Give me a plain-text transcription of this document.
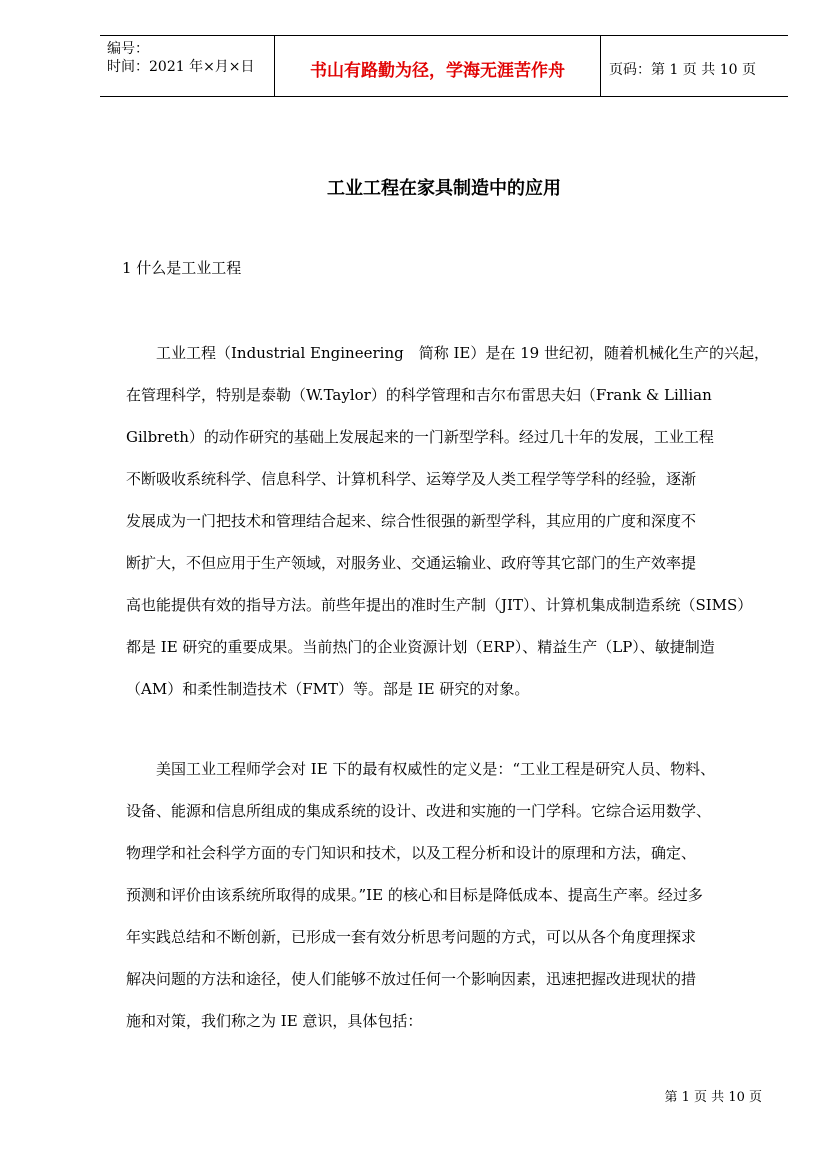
编号：
时间：2021 年×月×日	书山有路勤为径，学海无涯苦作舟	页码：第 1 页 共 10 页
工业工程在家具制造中的应用
1 什么是工业工程
　　工业工程（Industrial Engineering　简称 IE）是在 19 世纪初，随着机械化生产的兴起，
在管理科学，特别是泰勒（W.Taylor）的科学管理和吉尔布雷思夫妇（Frank & Lillian
Gilbreth）的动作研究的基础上发展起来的一门新型学科。经过几十年的发展，工业工程
不断吸收系统科学、信息科学、计算机科学、运筹学及人类工程学等学科的经验，逐渐
发展成为一门把技术和管理结合起来、综合性很强的新型学科，其应用的广度和深度不
断扩大，不但应用于生产领域，对服务业、交通运输业、政府等其它部门的生产效率提
高也能提供有效的指导方法。前些年提出的准时生产制（JIT）、计算机集成制造系统（SIMS）
都是 IE 研究的重要成果。当前热门的企业资源计划（ERP）、精益生产（LP）、敏捷制造
（AM）和柔性制造技术（FMT）等。部是 IE 研究的对象。
　　美国工业工程师学会对 IE 下的最有权威性的定义是：“工业工程是研究人员、物料、
设备、能源和信息所组成的集成系统的设计、改进和实施的一门学科。它综合运用数学、
物理学和社会科学方面的专门知识和技术，以及工程分析和设计的原理和方法，确定、
预测和评价由该系统所取得的成果。”IE 的核心和目标是降低成本、提高生产率。经过多
年实践总结和不断创新，已形成一套有效分析思考问题的方式，可以从各个角度理探求
解决问题的方法和途径，使人们能够不放过任何一个影响因素，迅速把握改进现状的措
施和对策，我们称之为 IE 意识，具体包括：
第 1 页 共 10 页
